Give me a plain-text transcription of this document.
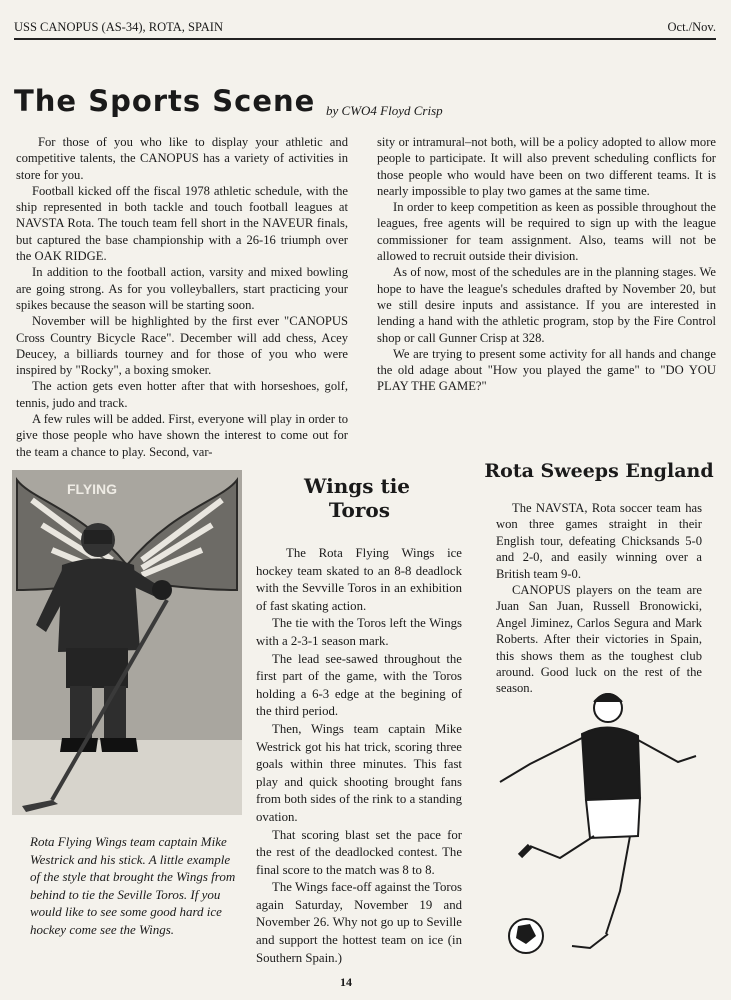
USS CANOPUS (AS-34), ROTA, SPAIN	Oct./Nov.
The Sports Scene by CWO4 Floyd Crisp

For those of you who like to display your athletic and competitive talents, the CANOPUS has a variety of activities in store for you.

Football kicked off the fiscal 1978 athletic schedule, with the ship represented in both tackle and touch football leagues at NAVSTA Rota. The touch team fell short in the NAVEUR finals, but captured the base championship with a 26-16 triumph over the OAK RIDGE.

In addition to the football action, varsity and mixed bowling are going strong. As for you volleyballers, start practicing your spikes because the season will be starting soon.

November will be highlighted by the first ever "CANOPUS Cross Country Bicycle Race". December will add chess, Acey Deucey, a billiards tourney and for those of you who were inspired by "Rocky", a boxing smoker.

The action gets even hotter after that with horseshoes, golf, tennis, judo and track.

A few rules will be added. First, everyone will play in order to give those people who have shown the interest to come out for the team a chance to play. Second, var-

sity or intramural–not both, will be a policy adopted to allow more people to participate. It will also prevent scheduling conflicts for those people who would have been on two different teams. It is nearly impossible to play two games at the same time.

In order to keep competition as keen as possible throughout the leagues, free agents will be required to sign up with the league commissioner for team assignment. Also, teams will not be allowed to recruit outside their division.

As of now, most of the schedules are in the planning stages. We hope to have the league's schedules drafted by November 20, but we still desire inputs and assistance. If you are interested in lending a hand with the athletic program, stop by the Fire Control shop or call Gunner Crisp at 328.

We are trying to present some activity for all hands and change the old adage about "How you played the game" to "DO YOU PLAY THE GAME?"

FLYING
Rota Flying Wings team captain Mike Westrick and his stick. A little example of the style that brought the Wings from behind to tie the Seville Toros. If you would like to see some good hard ice hockey come see the Wings.
Wings tie
Toros

The Rota Flying Wings ice hockey team skated to an 8-8 deadlock with the Sevville Toros in an exhibition of fast skating action.

The tie with the Toros left the Wings with a 2-3-1 season mark.

The lead see-sawed throughout the first part of the game, with the Toros holding a 6-3 edge at the begining of the third period.

Then, Wings team captain Mike Westrick got his hat trick, scoring three goals within three minutes. This fast play and quick shooting brought fans from both sides of the rink to a standing ovation.

That scoring blast set the pace for the rest of the deadlocked contest. The final score to the match was 8 to 8.

The Wings face-off against the Toros again Saturday, November 19 and November 26. Why not go up to Seville and support the hottest team on ice (in Southern Spain.)

Rota Sweeps England

The NAVSTA, Rota soccer team has won three games straight in their English tour, defeating Chicksands 5-0 and 2-0, and easily winning over a British team 9-0.

CANOPUS players on the team are Juan San Juan, Russell Bronowicki, Angel Jiminez, Carlos Segura and Mark Roberts. After their victories in Spain, this shows them as the toughest club around. Good luck on the rest of the season.

14
